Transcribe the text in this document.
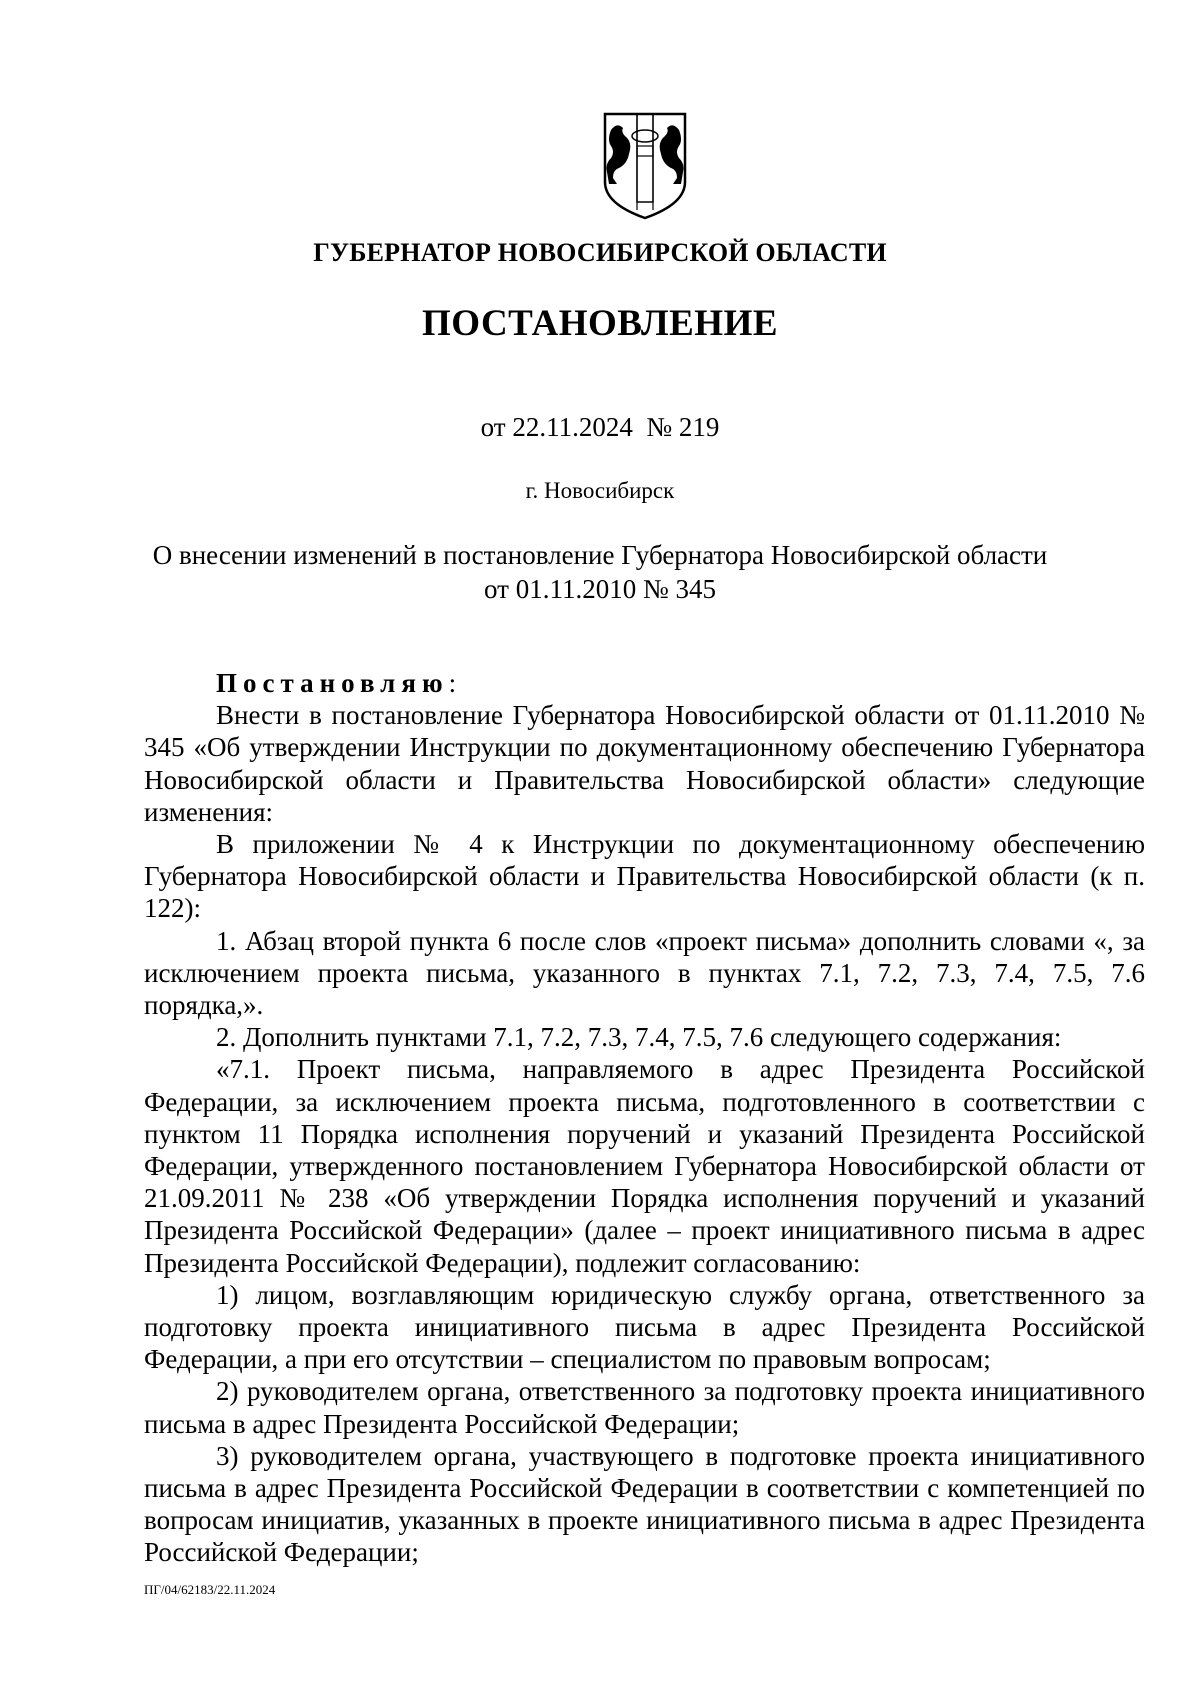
ГУБЕРНАТОР НОВОСИБИРСКОЙ ОБЛАСТИ
ПОСТАНОВЛЕНИЕ
от 22.11.2024  № 219
г. Новосибирск
О внесении изменений в постановление Губернатора Новосибирской области
от 01.11.2010 № 345

Постановляю:

Внести в постановление Губернатора Новосибирской области от 01.11.2010 № 345 «Об утверждении Инструкции по документационному обеспечению Губернатора Новосибирской области и Правительства Новосибирской области» следующие изменения:

В приложении № 4 к Инструкции по документационному обеспечению Губернатора Новосибирской области и Правительства Новосибирской области (к п. 122):

1. Абзац второй пункта 6 после слов «проект письма» дополнить словами «, за исключением проекта письма, указанного в пунктах 7.1, 7.2, 7.3, 7.4, 7.5, 7.6 порядка,».

2. Дополнить пунктами 7.1, 7.2, 7.3, 7.4, 7.5, 7.6 следующего содержания:

«7.1. Проект письма, направляемого в адрес Президента Российской Федерации, за исключением проекта письма, подготовленного в соответствии с пунктом 11 Порядка исполнения поручений и указаний Президента Российской Федерации, утвержденного постановлением Губернатора Новосибирской области от 21.09.2011 № 238 «Об утверждении Порядка исполнения поручений и указаний Президента Российской Федерации» (далее – проект инициативного письма в адрес Президента Российской Федерации), подлежит согласованию:

1) лицом, возглавляющим юридическую службу органа, ответственного за подготовку проекта инициативного письма в адрес Президента Российской Федерации, а при его отсутствии – специалистом по правовым вопросам;

2) руководителем органа, ответственного за подготовку проекта инициативного письма в адрес Президента Российской Федерации;

3) руководителем органа, участвующего в подготовке проекта инициативного письма в адрес Президента Российской Федерации в соответствии с компетенцией по вопросам инициатив, указанных в проекте инициативного письма в адрес Президента Российской Федерации;

ПГ/04/62183/22.11.2024
